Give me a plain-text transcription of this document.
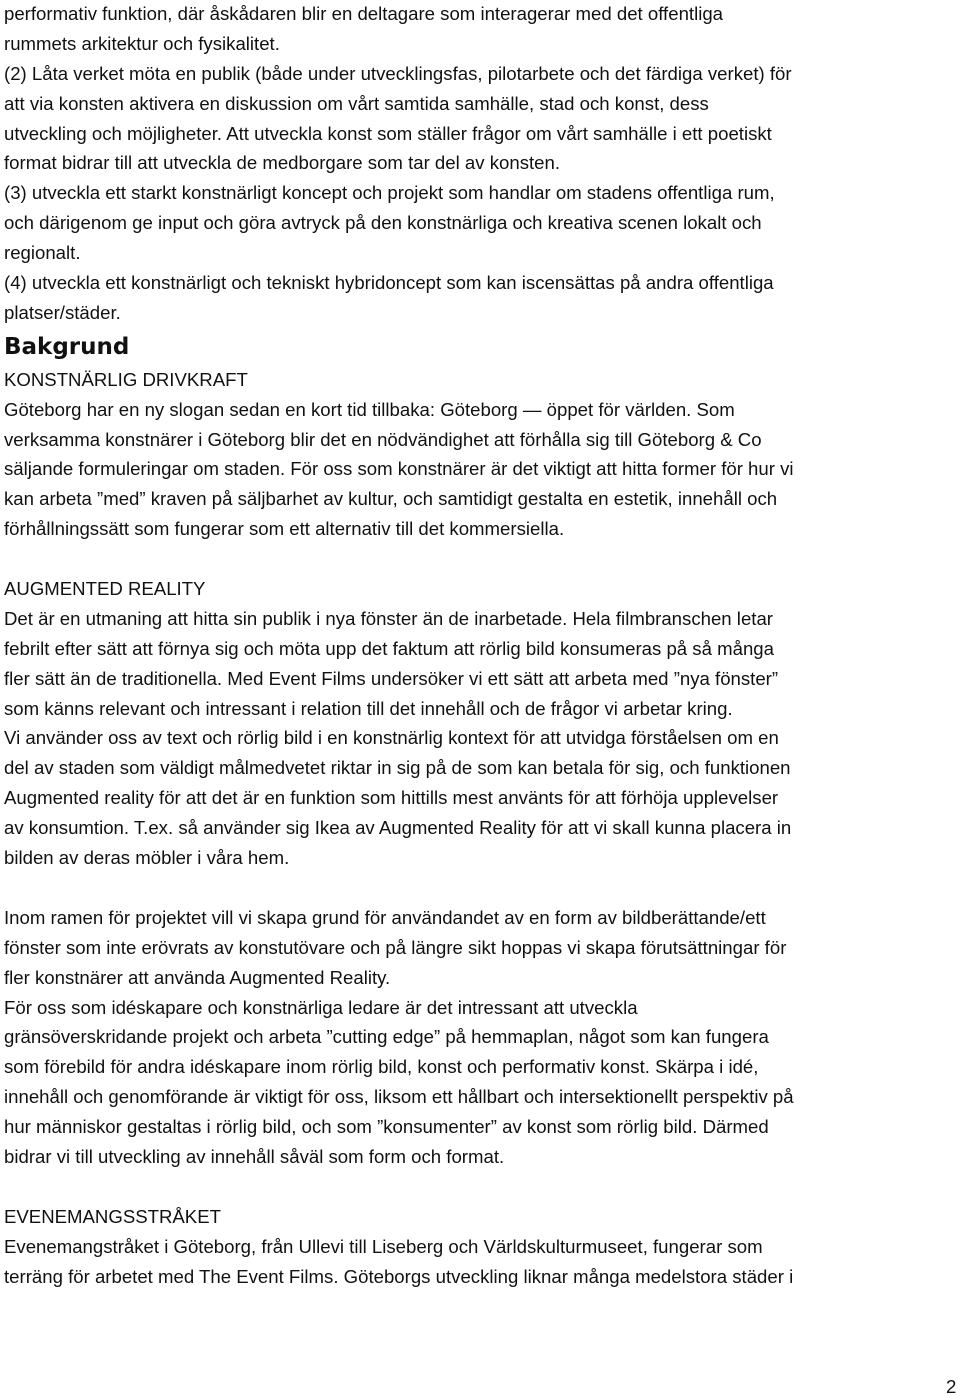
performativ funktion, där åskådaren blir en deltagare som interagerar med det offentliga

rummets arkitektur och fysikalitet.

(2) Låta verket möta en publik (både under utvecklingsfas, pilotarbete och det färdiga verket) för

att via konsten aktivera en diskussion om vårt samtida samhälle, stad och konst, dess

utveckling och möjligheter. Att utveckla konst som ställer frågor om vårt samhälle i ett poetiskt

format bidrar till att utveckla de medborgare som tar del av konsten.

(3) utveckla ett starkt konstnärligt koncept och projekt som handlar om stadens offentliga rum,

och därigenom ge input och göra avtryck på den konstnärliga och kreativa scenen lokalt och

regionalt.

(4) utveckla ett konstnärligt och tekniskt hybridoncept som kan iscensättas på andra offentliga

platser/städer.

Bakgrund

KONSTNÄRLIG DRIVKRAFT

Göteborg har en ny slogan sedan en kort tid tillbaka: Göteborg — öppet för världen. Som

verksamma konstnärer i Göteborg blir det en nödvändighet att förhålla sig till Göteborg & Co

säljande formuleringar om staden. För oss som konstnärer är det viktigt att hitta former för hur vi

kan arbeta ”med” kraven på säljbarhet av kultur, och samtidigt gestalta en estetik, innehåll och

förhållningssätt som fungerar som ett alternativ till det kommersiella.

AUGMENTED REALITY

Det är en utmaning att hitta sin publik i nya fönster än de inarbetade. Hela filmbranschen letar

febrilt efter sätt att förnya sig och möta upp det faktum att rörlig bild konsumeras på så många

fler sätt än de traditionella. Med Event Films undersöker vi ett sätt att arbeta med ”nya fönster”

som känns relevant och intressant i relation till det innehåll och de frågor vi arbetar kring.

Vi använder oss av text och rörlig bild i en konstnärlig kontext för att utvidga förståelsen om en

del av staden som väldigt målmedvetet riktar in sig på de som kan betala för sig, och funktionen

Augmented reality för att det är en funktion som hittills mest använts för att förhöja upplevelser

av konsumtion. T.ex. så använder sig Ikea av Augmented Reality för att vi skall kunna placera in

bilden av deras möbler i våra hem.

Inom ramen för projektet vill vi skapa grund för användandet av en form av bildberättande/ett

fönster som inte erövrats av konstutövare och på längre sikt hoppas vi skapa förutsättningar för

fler konstnärer att använda Augmented Reality.

För oss som idéskapare och konstnärliga ledare är det intressant att utveckla

gränsöverskridande projekt och arbeta ”cutting edge” på hemmaplan, något som kan fungera

som förebild för andra idéskapare inom rörlig bild, konst och performativ konst. Skärpa i idé,

innehåll och genomförande är viktigt för oss, liksom ett hållbart och intersektionellt perspektiv på

hur människor gestaltas i rörlig bild, och som ”konsumenter” av konst som rörlig bild. Därmed

bidrar vi till utveckling av innehåll såväl som form och format.

EVENEMANGSSTRÅKET

Evenemangstråket i Göteborg, från Ullevi till Liseberg och Världskulturmuseet, fungerar som

terräng för arbetet med The Event Films. Göteborgs utveckling liknar många medelstora städer i

2
